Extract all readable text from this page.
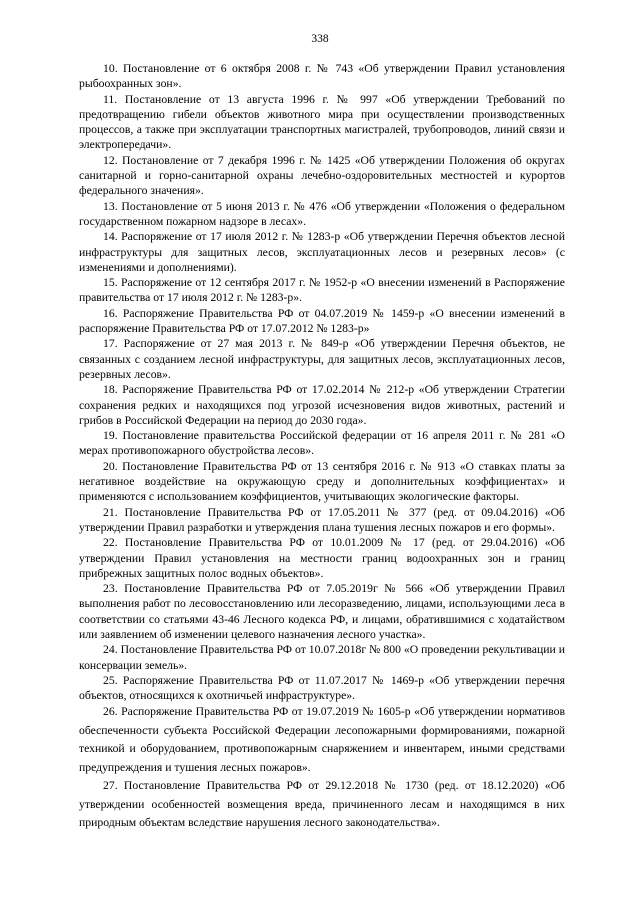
338

10. Постановление от 6 октября 2008 г. № 743 «Об утверждении Правил установления рыбоохранных зон».

11. Постановление от 13 августа 1996 г. № 997 «Об утверждении Требований по предотвращению гибели объектов животного мира при осуществлении производственных процессов, а также при эксплуатации транспортных магистралей, трубопроводов, линий связи и электропередачи».

12. Постановление от 7 декабря 1996 г. № 1425 «Об утверждении Положения об округах санитарной и горно-санитарной охраны лечебно-оздоровительных местностей и курортов федерального значения».

13. Постановление от 5 июня 2013 г. № 476 «Об утверждении «Положения о федеральном государственном пожарном надзоре в лесах».

14. Распоряжение от 17 июля 2012 г. № 1283-р «Об утверждении Перечня объектов лесной инфраструктуры для защитных лесов, эксплуатационных лесов и резервных лесов» (с изменениями и дополнениями).

15. Распоряжение от 12 сентября 2017 г. № 1952-р «О внесении изменений в Распоряжение правительства от 17 июля 2012 г. № 1283-р».

16. Распоряжение Правительства РФ от 04.07.2019 № 1459-р «О внесении изменений в распоряжение Правительства РФ от 17.07.2012 № 1283-р»

17. Распоряжение от 27 мая 2013 г. № 849-р «Об утверждении Перечня объектов, не связанных с созданием лесной инфраструктуры, для защитных лесов, эксплуатационных лесов, резервных лесов».

18. Распоряжение Правительства РФ от 17.02.2014 № 212-р «Об утверждении Стратегии сохранения редких и находящихся под угрозой исчезновения видов животных, растений и грибов в Российской Федерации на период до 2030 года».

19. Постановление правительства Российской федерации от 16 апреля 2011 г. № 281 «О мерах противопожарного обустройства лесов».

20. Постановление Правительства РФ от 13 сентября 2016 г. № 913 «О ставках платы за негативное воздействие на окружающую среду и дополнительных коэффициентах» и применяются с использованием коэффициентов, учитывающих экологические факторы.

21. Постановление Правительства РФ от 17.05.2011 № 377 (ред. от 09.04.2016) «Об утверждении Правил разработки и утверждения плана тушения лесных пожаров и его формы».

22. Постановление Правительства РФ от 10.01.2009 № 17 (ред. от 29.04.2016) «Об утверждении Правил установления на местности границ водоохранных зон и границ прибрежных защитных полос водных объектов».

23. Постановление Правительства РФ от 7.05.2019г № 566 «Об утверждении Правил выполнения работ по лесовосстановлению или лесоразведению, лицами, использующими леса в соответствии со статьями 43-46 Лесного кодекса РФ, и лицами, обратившимися с ходатайством или заявлением об изменении целевого назначения лесного участка».

24. Постановление Правительства РФ от 10.07.2018г № 800 «О проведении рекультивации и консервации земель».

25. Распоряжение Правительства РФ от 11.07.2017 № 1469-р «Об утверждении перечня объектов, относящихся к охотничьей инфраструктуре».

26. Распоряжение Правительства РФ от 19.07.2019 № 1605-р «Об утверждении нормативов обеспеченности субъекта Российской Федерации лесопожарными формированиями, пожарной техникой и оборудованием, противопожарным снаряжением и инвентарем, иными средствами предупреждения и тушения лесных пожаров».

27. Постановление Правительства РФ от 29.12.2018 № 1730 (ред. от 18.12.2020) «Об утверждении особенностей возмещения вреда, причиненного лесам и находящимся в них природным объектам вследствие нарушения лесного законодательства».
